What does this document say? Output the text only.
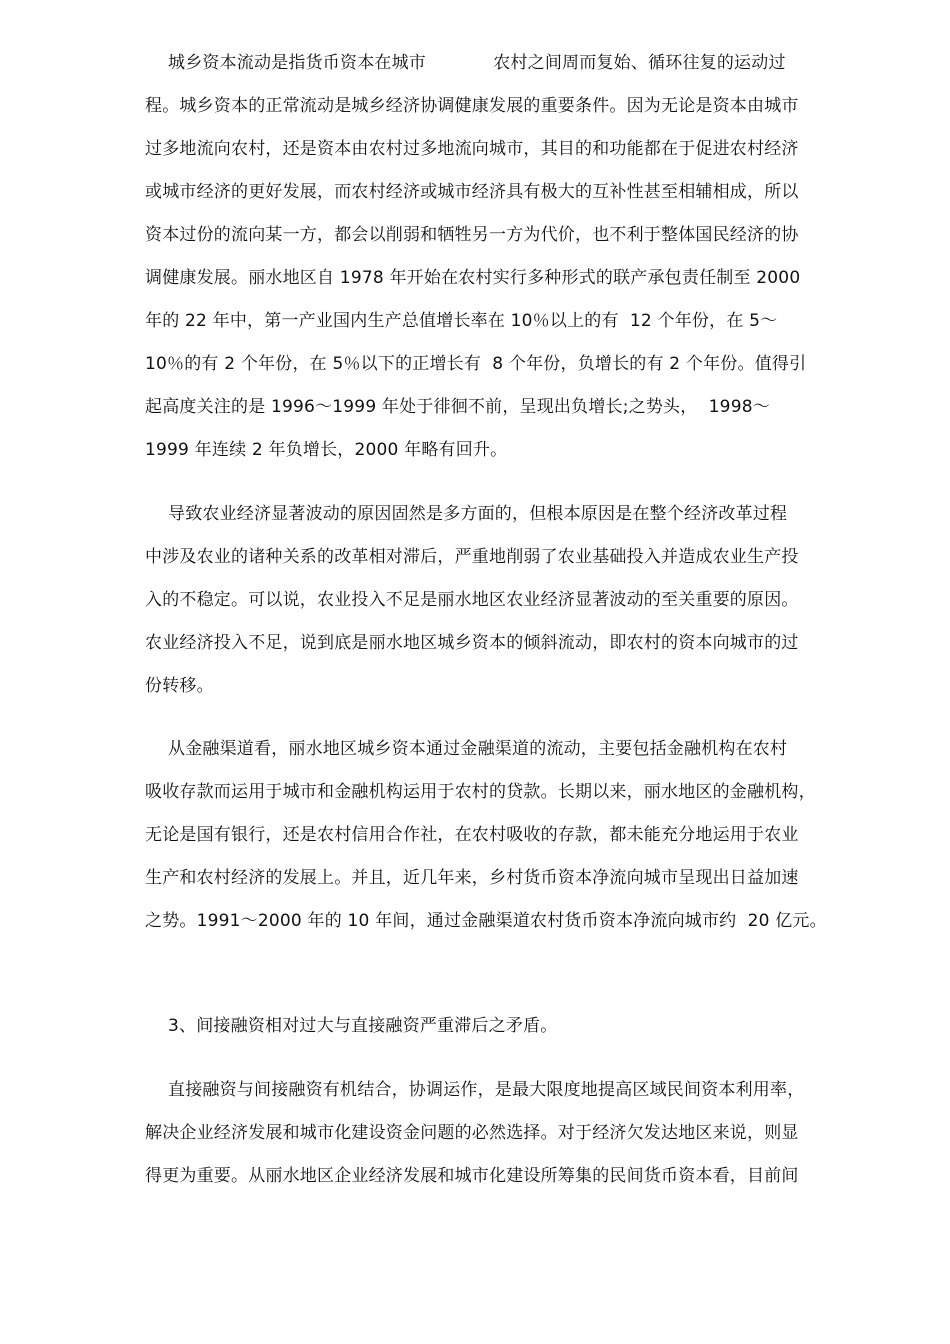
城乡资本流动是指货币资本在城市            农村之间周而复始、循环往复的运动过
程。城乡资本的正常流动是城乡经济协调健康发展的重要条件。因为无论是资本由城市
过多地流向农村，还是资本由农村过多地流向城市，其目的和功能都在于促进农村经济
或城市经济的更好发展，而农村经济或城市经济具有极大的互补性甚至相辅相成，所以
资本过份的流向某一方，都会以削弱和牺牲另一方为代价，也不利于整体国民经济的协
调健康发展。丽水地区自 1978 年开始在农村实行多种形式的联产承包责任制至 2000
年的 22 年中，第一产业国内生产总值增长率在 10％以上的有  12 个年份，在 5～
10％的有 2 个年份，在 5％以下的正增长有  8 个年份，负增长的有 2 个年份。值得引
起高度关注的是 1996～1999 年处于徘徊不前，呈现出负增长;之势头，  1998～
1999 年连续 2 年负增长，2000 年略有回升。
导致农业经济显著波动的原因固然是多方面的，但根本原因是在整个经济改革过程
中涉及农业的诸种关系的改革相对滞后，严重地削弱了农业基础投入并造成农业生产投
入的不稳定。可以说，农业投入不足是丽水地区农业经济显著波动的至关重要的原因。
农业经济投入不足，说到底是丽水地区城乡资本的倾斜流动，即农村的资本向城市的过
份转移。
从金融渠道看，丽水地区城乡资本通过金融渠道的流动，主要包括金融机构在农村
吸收存款而运用于城市和金融机构运用于农村的贷款。长期以来，丽水地区的金融机构，
无论是国有银行，还是农村信用合作社，在农村吸收的存款，都未能充分地运用于农业
生产和农村经济的发展上。并且，近几年来，乡村货币资本净流向城市呈现出日益加速
之势。1991～2000 年的 10 年间，通过金融渠道农村货币资本净流向城市约  20 亿元。
3、间接融资相对过大与直接融资严重滞后之矛盾。
直接融资与间接融资有机结合，协调运作，是最大限度地提高区域民间资本利用率，
解决企业经济发展和城市化建设资金问题的必然选择。对于经济欠发达地区来说，则显
得更为重要。从丽水地区企业经济发展和城市化建设所筹集的民间货币资本看，目前间
